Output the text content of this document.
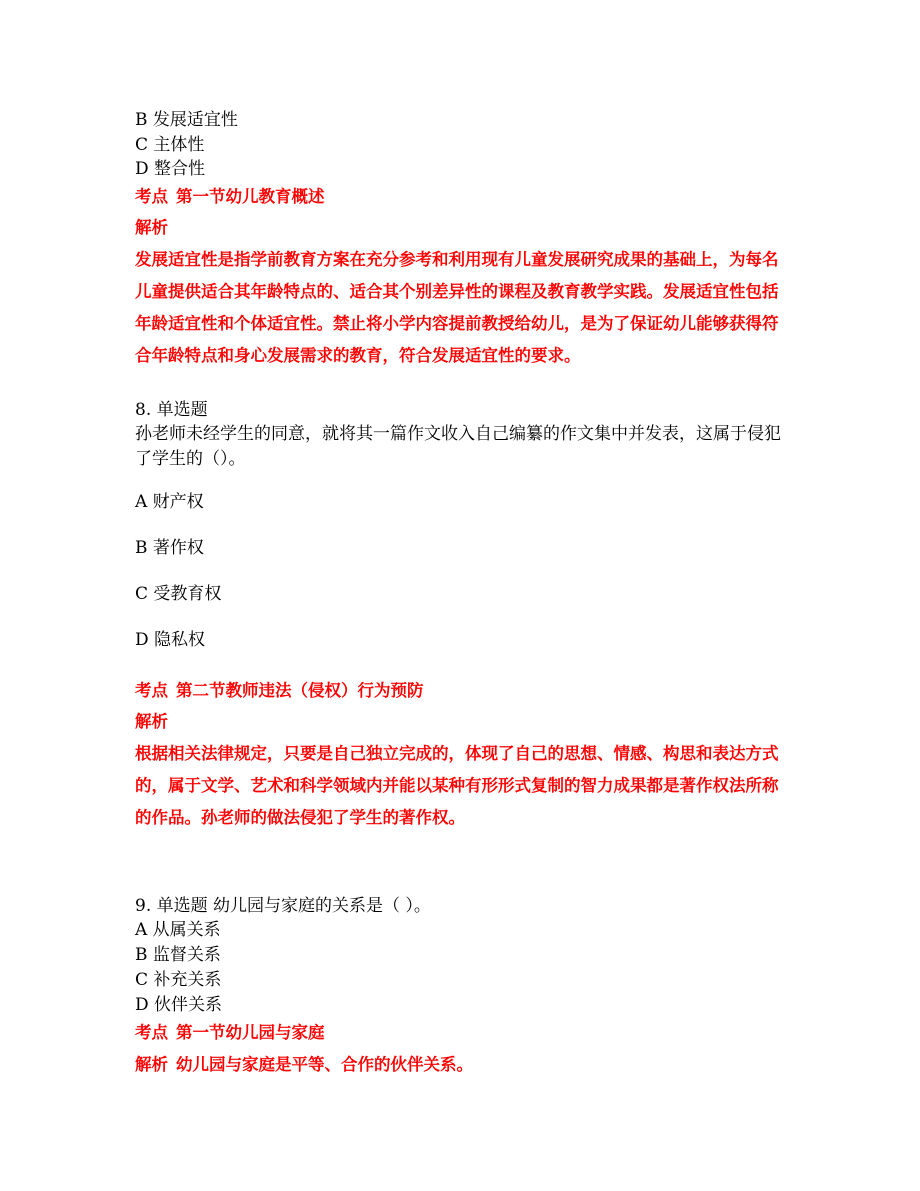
B 发展适宜性
C 主体性
D 整合性
考点 第一节幼儿教育概述
解析
发展适宜性是指学前教育方案在充分参考和利用现有儿童发展研究成果的基础上，为每名儿童提供适合其年龄特点的、适合其个别差异性的课程及教育教学实践。发展适宜性包括年龄适宜性和个体适宜性。禁止将小学内容提前教授给幼儿，是为了保证幼儿能够获得符合年龄特点和身心发展需求的教育，符合发展适宜性的要求。
8. 单选题
孙老师未经学生的同意，就将其一篇作文收入自己编纂的作文集中并发表，这属于侵犯了学生的（）。
A 财产权
B 著作权
C 受教育权
D 隐私权
考点 第二节教师违法（侵权）行为预防
解析
根据相关法律规定，只要是自己独立完成的，体现了自己的思想、情感、构思和表达方式的，属于文学、艺术和科学领域内并能以某种有形形式复制的智力成果都是著作权法所称的作品。孙老师的做法侵犯了学生的著作权。
9. 单选题 幼儿园与家庭的关系是（ ）。
A 从属关系
B 监督关系
C 补充关系
D 伙伴关系
考点 第一节幼儿园与家庭
解析 幼儿园与家庭是平等、合作的伙伴关系。
